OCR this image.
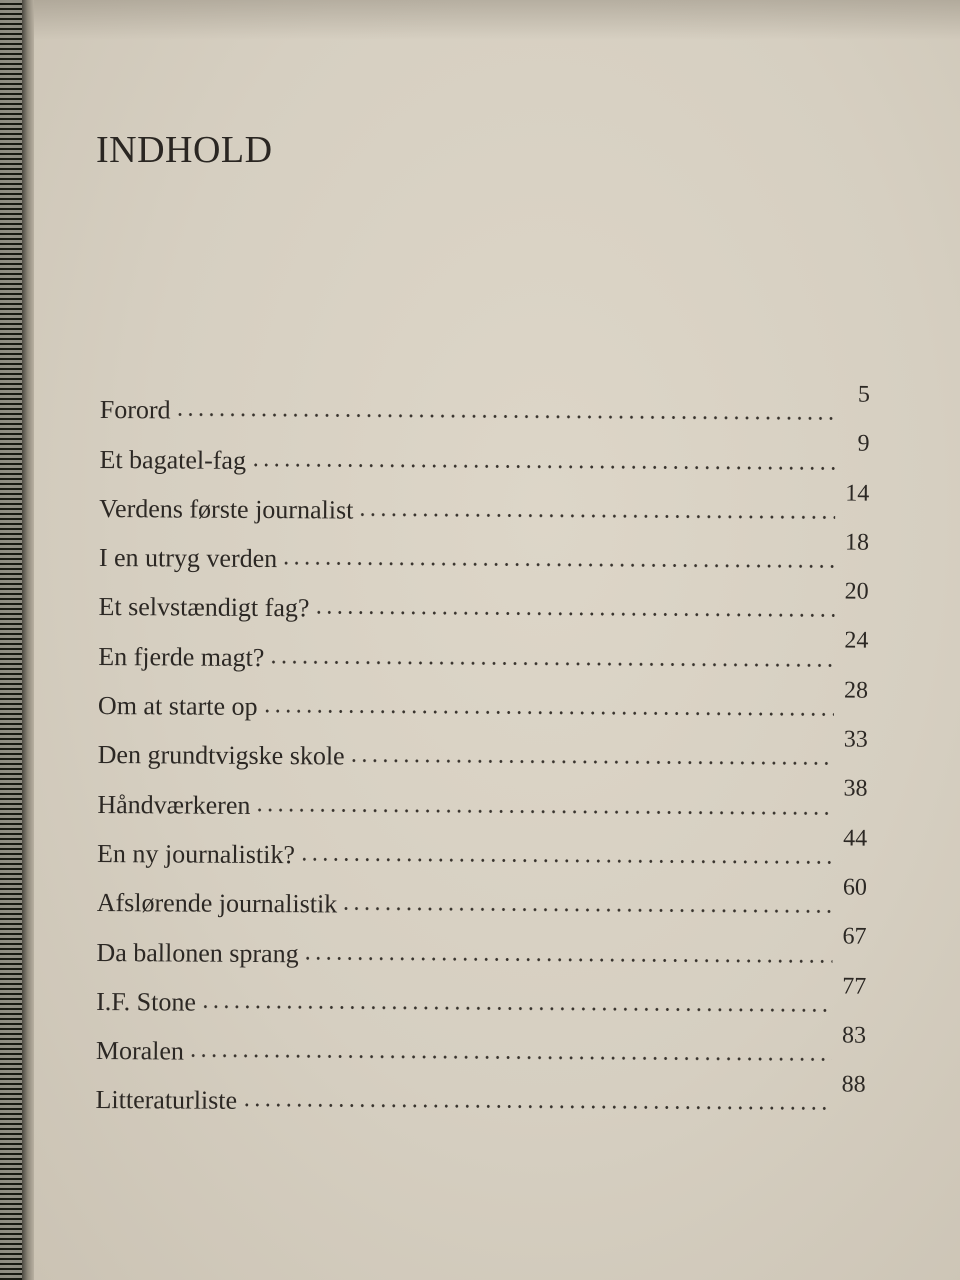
INDHOLD
Forord
5
Et bagatel-fag
9
Verdens første journalist
14
I en utryg verden
18
Et selvstændigt fag?
20
En fjerde magt?
24
Om at starte op
28
Den grundtvigske skole
33
Håndværkeren
38
En ny journalistik?
44
Afslørende journalistik
60
Da ballonen sprang
67
I.F. Stone
77
Moralen
83
Litteraturliste
88
